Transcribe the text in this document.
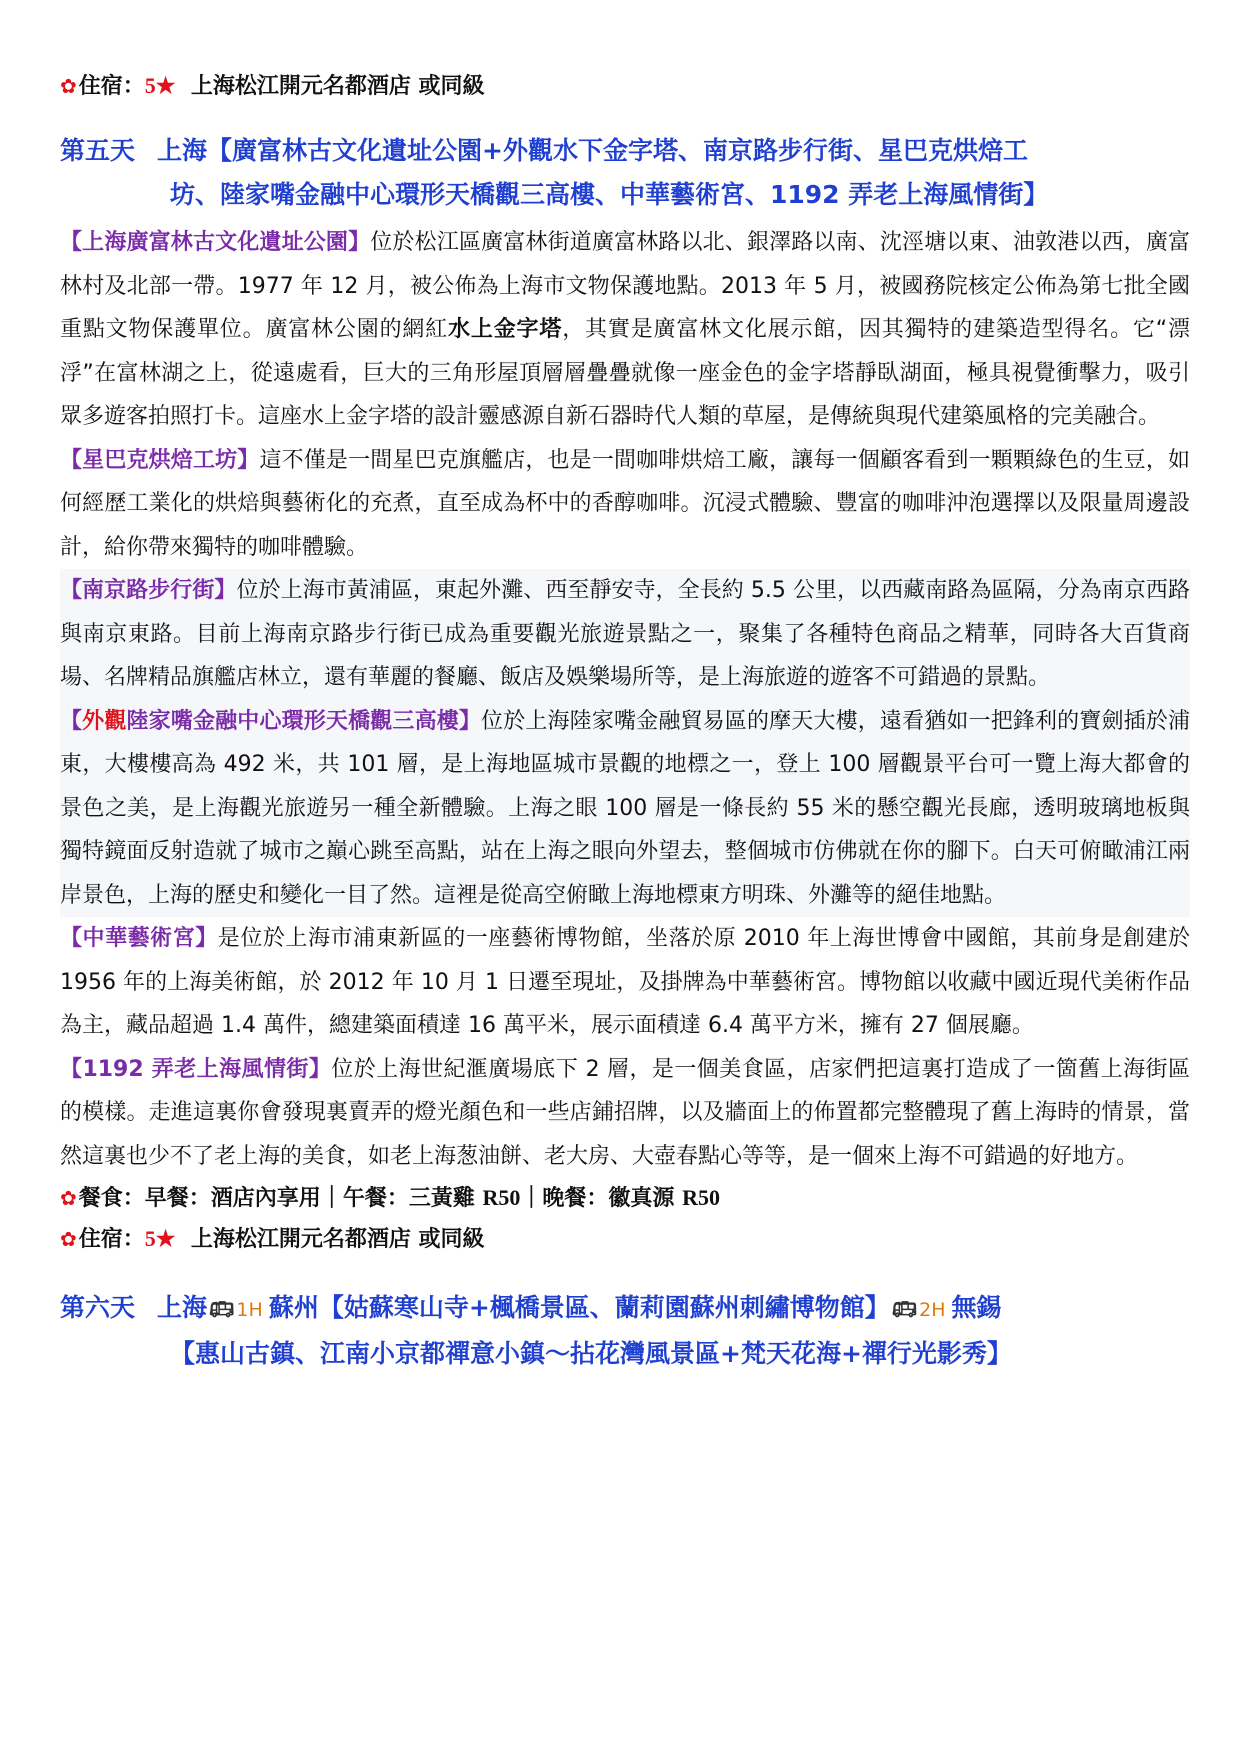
✿住宿：5★ 上海松江開元名都酒店 或同級
第五天 上海【廣富林古文化遺址公園+外觀水下金字塔、南京路步行街、星巴克烘焙工
坊、陸家嘴金融中心環形天橋觀三高樓、中華藝術宮、1192 弄老上海風情街】

【上海廣富林古文化遺址公園】位於松江區廣富林街道廣富林路以北、銀澤路以南、沈涇塘以東、油敦港以西，廣富林村及北部一帶。1977 年 12 月，被公佈為上海市文物保護地點。2013 年 5 月，被國務院核定公佈為第七批全國重點文物保護單位。廣富林公園的網紅水上金字塔，其實是廣富林文化展示館，因其獨特的建築造型得名。它“漂浮”在富林湖之上，從遠處看，巨大的三角形屋頂層層疊疊就像一座金色的金字塔靜臥湖面，極具視覺衝擊力，吸引眾多遊客拍照打卡。這座水上金字塔的設計靈感源自新石器時代人類的草屋，是傳統與現代建築風格的完美融合。

【星巴克烘焙工坊】這不僅是一間星巴克旗艦店，也是一間咖啡烘焙工廠，讓每一個顧客看到一顆顆綠色的生豆，如何經歷工業化的烘焙與藝術化的充煮，直至成為杯中的香醇咖啡。沉浸式體驗、豐富的咖啡沖泡選擇以及限量周邊設計，給你帶來獨特的咖啡體驗。

【南京路步行街】位於上海市黃浦區，東起外灘、西至靜安寺，全長約 5.5 公里，以西藏南路為區隔，分為南京西路與南京東路。目前上海南京路步行街已成為重要觀光旅遊景點之一，聚集了各種特色商品之精華，同時各大百貨商場、名牌精品旗艦店林立，還有華麗的餐廳、飯店及娛樂場所等，是上海旅遊的遊客不可錯過的景點。

【外觀陸家嘴金融中心環形天橋觀三高樓】位於上海陸家嘴金融貿易區的摩天大樓，遠看猶如一把鋒利的寶劍插於浦東，大樓樓高為 492 米，共 101 層，是上海地區城市景觀的地標之一，登上 100 層觀景平台可一覽上海大都會的景色之美，是上海觀光旅遊另一種全新體驗。上海之眼 100 層是一條長約 55 米的懸空觀光長廊，透明玻璃地板與獨特鏡面反射造就了城市之巔心跳至高點，站在上海之眼向外望去，整個城市仿佛就在你的腳下。白天可俯瞰浦江兩岸景色，上海的歷史和變化一目了然。這裡是從高空俯瞰上海地標東方明珠、外灘等的絕佳地點。

【中華藝術宮】是位於上海市浦東新區的一座藝術博物館，坐落於原 2010 年上海世博會中國館，其前身是創建於 1956 年的上海美術館，於 2012 年 10 月 1 日遷至現址，及掛牌為中華藝術宮。博物館以收藏中國近現代美術作品為主，藏品超過 1.4 萬件，總建築面積達 16 萬平米，展示面積達 6.4 萬平方米，擁有 27 個展廳。

【1192 弄老上海風情街】位於上海世紀滙廣場底下 2 層，是一個美食區，店家們把這裏打造成了一箇舊上海街區的模樣。走進這裏你會發現裏賣弄的燈光顏色和一些店鋪招牌，以及牆面上的佈置都完整體現了舊上海時的情景，當然這裏也少不了老上海的美食，如老上海葱油餅、老大房、大壺春點心等等，是一個來上海不可錯過的好地方。

✿餐食：早餐：酒店內享用｜午餐：三黃雞 R50｜晚餐：徽真源 R50
✿住宿：5★ 上海松江開元名都酒店 或同級
第六天 上海 🚌︎ 1H 蘇州【姑蘇寒山寺+楓橋景區、蘭莉園蘇州刺繡博物館】 🚌︎ 2H 無錫
【惠山古鎮、江南小京都禪意小鎮～拈花灣風景區+梵天花海+禪行光影秀】
